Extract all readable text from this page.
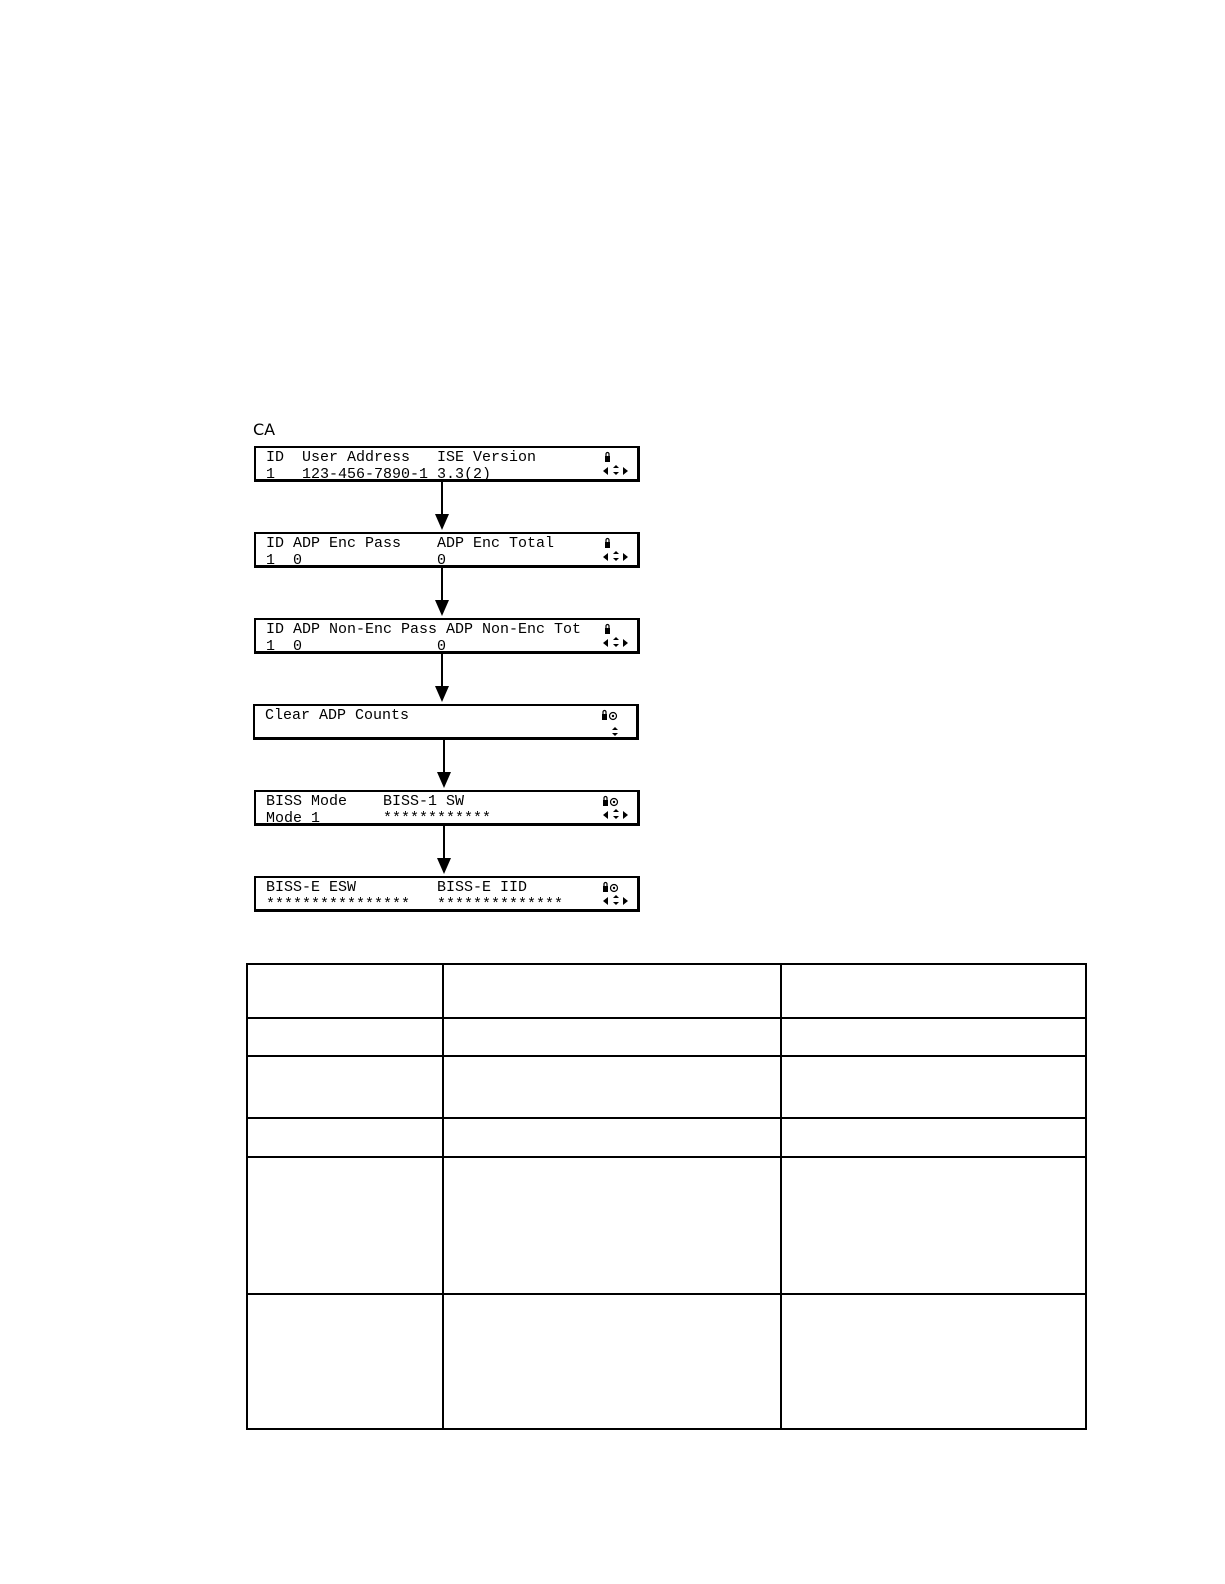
CA
ID  User Address   ISE Version
1   123-456-7890-1 3.3(2)
ID ADP Enc Pass    ADP Enc Total
1  0               0
ID ADP Non-Enc Pass ADP Non-Enc Tot
1  0               0
Clear ADP Counts
BISS Mode    BISS-1 SW
Mode 1       ************
BISS-E ESW         BISS-E IID
****************   **************
